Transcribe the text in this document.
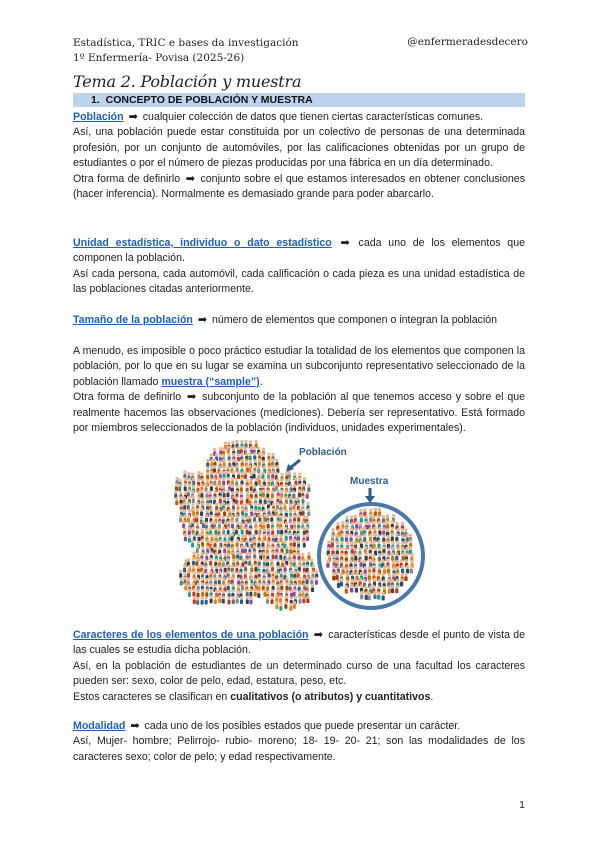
Estadística, TRIC e bases da investigación
1º Enfermería- Povisa (2025-26)
@enfermeradesdecero
Tema 2. Población y muestra
1. CONCEPTO DE POBLACIÓN Y MUESTRA

Población ➡ cualquier colección de datos que tienen ciertas características comunes.

Así, una población puede estar constituida por un colectivo de personas de una determinada profesión, por un conjunto de automóviles, por las calificaciones obtenidas por un grupo de estudiantes o por el número de piezas producidas por una fábrica en un día determinado.

Otra forma de definirlo ➡ conjunto sobre el que estamos interesados en obtener conclusiones (hacer inferencia). Normalmente es demasiado grande para poder abarcarlo.

Unidad estadística, individuo o dato estadístico ➡ cada uno de los elementos que componen la población.

Así cada persona, cada automóvil, cada calificación o cada pieza es una unidad estadística de las poblaciones citadas anteriormente.

Tamaño de la población ➡ número de elementos que componen o integran la población

A menudo, es imposible o poco práctico estudiar la totalidad de los elementos que componen la población, por lo que en su lugar se examina un subconjunto representativo seleccionado de la población llamado muestra (“sample”).

Otra forma de definirlo ➡ subconjunto de la población al que tenemos acceso y sobre el que realmente hacemos las observaciones (mediciones). Debería ser representativo. Está formado por miembros seleccionados de la población (individuos, unidades experimentales).

Población
Muestra

Caracteres de los elementos de una población ➡ características desde el punto de vista de las cuales se estudia dicha población.

Así, en la población de estudiantes de un determinado curso de una facultad los caracteres pueden ser: sexo, color de pelo, edad, estatura, peso, etc.

Estos caracteres se clasifican en cualitativos (o atributos) y cuantitativos.

Modalidad ➡ cada uno de los posibles estados que puede presentar un carácter.

Así, Mujer- hombre; Pelirrojo- rubio- moreno; 18- 19- 20- 21; son las modalidades de los caracteres sexo; color de pelo; y edad respectivamente.

1
